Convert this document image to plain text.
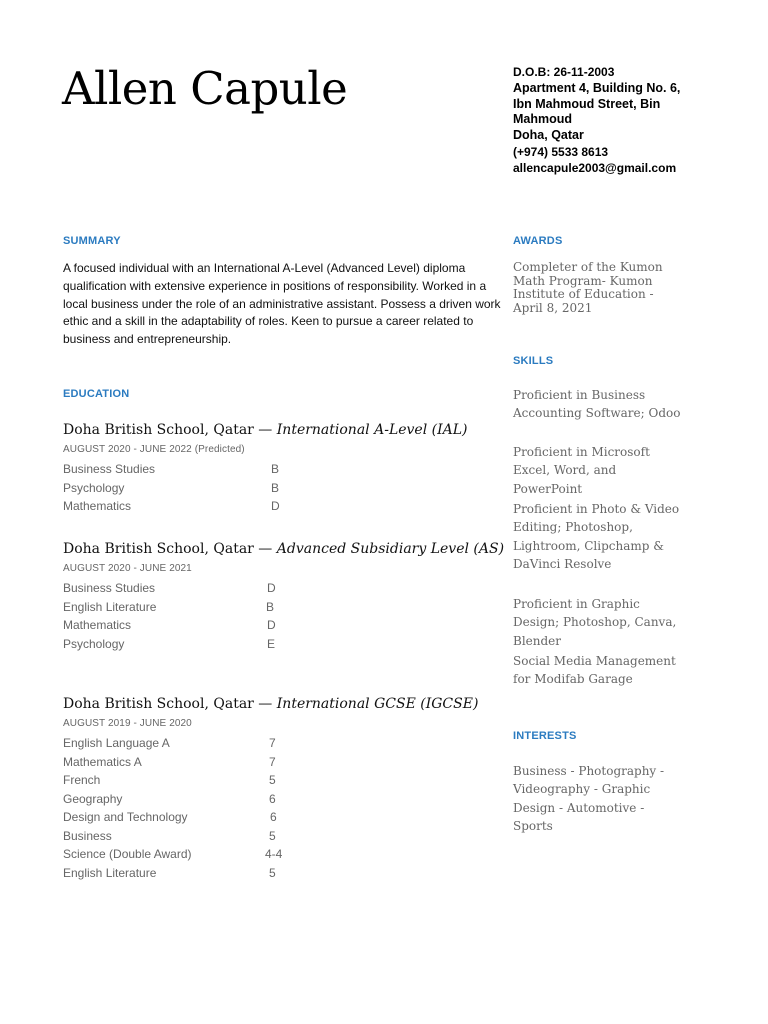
Allen Capule	D.O.B: 26-11-2003
Apartment 4, Building No. 6,
Ibn Mahmoud Street, Bin
Mahmoud
Doha, Qatar
(+974) 5533 8613
allencapule2003@gmail.com
SUMMARY
A focused individual with an International A-Level (Advanced Level) diploma qualification with extensive experience in positions of responsibility. Worked in a local business under the role of an administrative assistant. Possess a driven work ethic and a skill in the adaptability of roles. Keen to pursue a career related to business and entrepreneurship.
EDUCATION
Doha British School, Qatar — International A-Level (IAL)
AUGUST 2020 - JUNE 2022 (Predicted)
Business Studies	B
Psychology	B
Mathematics	D
Doha British School, Qatar — Advanced Subsidiary Level (AS)
AUGUST 2020 - JUNE 2021
Business Studies	D
English Literature	B
Mathematics	D
Psychology	E
Doha British School, Qatar — International GCSE (IGCSE)
AUGUST 2019 - JUNE 2020
English Language A	7
Mathematics A	7
French	5
Geography	6
Design and Technology	6
Business	5
Science (Double Award)	4-4
English Literature	5
AWARDS
Completer of the Kumon Math Program- Kumon Institute of Education - April 8, 2021
SKILLS
Proficient in Business Accounting Software; Odoo
Proficient in Microsoft Excel, Word, and PowerPoint
Proficient in Photo & Video Editing; Photoshop, Lightroom, Clipchamp & DaVinci Resolve
Proficient in Graphic Design; Photoshop, Canva, Blender
Social Media Management for Modifab Garage
INTERESTS
Business - Photography - Videography - Graphic Design - Automotive - Sports
